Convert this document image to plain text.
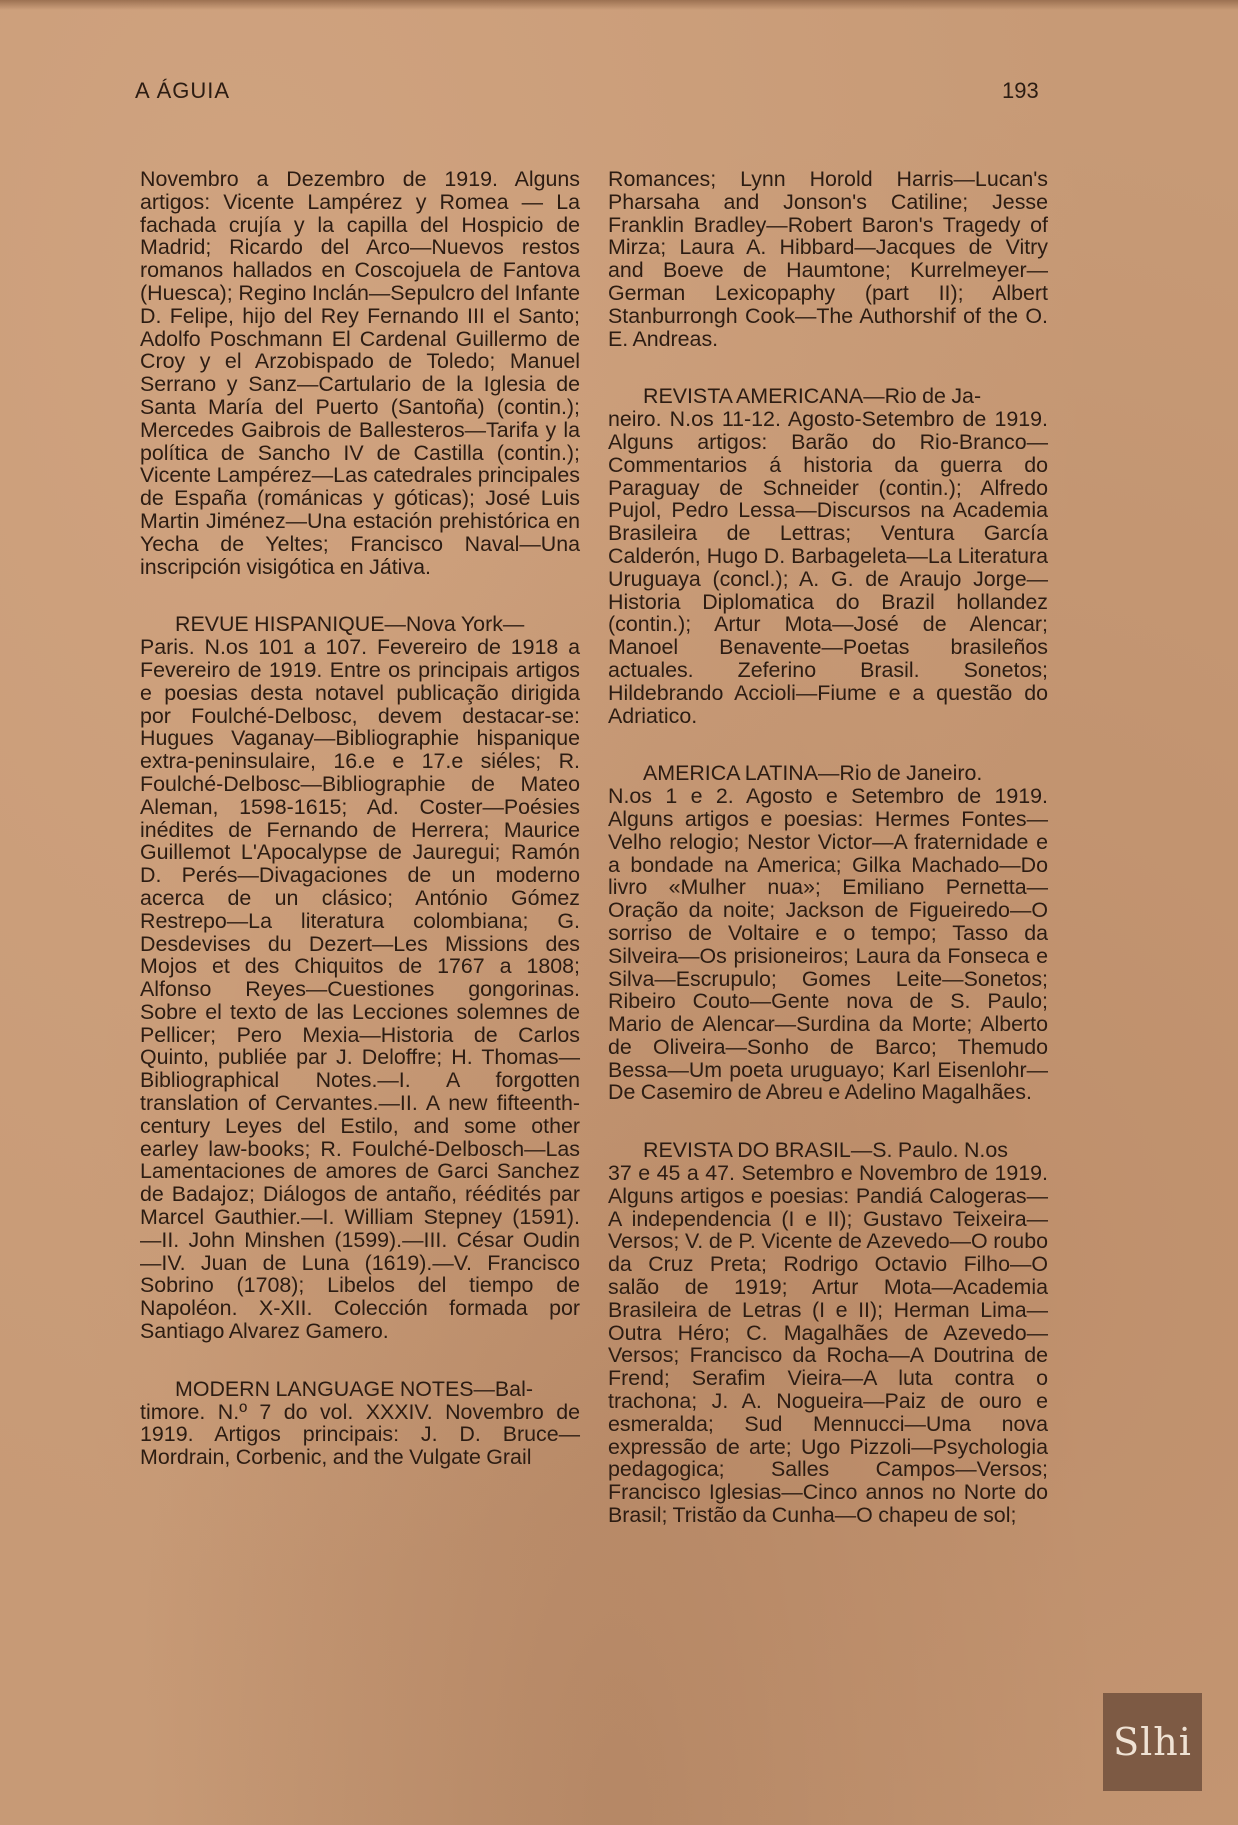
A ÁGUIA	193
Novembro a Dezembro de 1919. Alguns artigos: Vicente Lampérez y Romea — La fachada crujía y la capilla del Hospicio de Madrid; Ricardo del Arco—Nuevos restos romanos hallados en Coscojuela de Fantova (Huesca); Regino Inclán—Sepulcro del Infante D. Felipe, hijo del Rey Fernando III el Santo; Adolfo Poschmann El Cardenal Guillermo de Croy y el Arzobispado de Toledo; Manuel Serrano y Sanz—Cartulario de la Iglesia de Santa María del Puerto (Santoña) (contin.); Mercedes Gaibrois de Ballesteros—Tarifa y la política de Sancho IV de Castilla (contin.); Vicente Lampérez—Las catedrales principales de España (románicas y góticas); José Luis Martin Jiménez—Una estación prehistórica en Yecha de Yeltes; Francisco Naval—Una inscripción visigótica en Játiva.
REVUE HISPANIQUE—Nova York—
Paris. N.os 101 a 107. Fevereiro de 1918 a Fevereiro de 1919. Entre os principais artigos e poesias desta notavel publicação dirigida por Foulché-Delbosc, devem destacar-se: Hugues Vaganay—Bibliographie hispanique extra-peninsulaire, 16.e e 17.e siéles; R. Foulché-Delbosc—Bibliographie de Mateo Aleman, 1598-1615; Ad. Coster—Poésies inédites de Fernando de Herrera; Maurice Guillemot L'Apocalypse de Jauregui; Ramón D. Perés—Divagaciones de un moderno acerca de un clásico; António Gómez Restrepo—La literatura colombiana; G. Desdevises du Dezert—Les Missions des Mojos et des Chiquitos de 1767 a 1808; Alfonso Reyes—Cuestiones gongorinas. Sobre el texto de las Lecciones solemnes de Pellicer; Pero Mexia—Historia de Carlos Quinto, publiée par J. Deloffre; H. Thomas—Bibliographical Notes.—I. A forgotten translation of Cervantes.—II. A new fifteenth-century Leyes del Estilo, and some other earley law-books; R. Foulché-Delbosch—Las Lamentaciones de amores de Garci Sanchez de Badajoz; Diálogos de antaño, réédités par Marcel Gauthier.—I. William Stepney (1591).—II. John Minshen (1599).—III. César Oudin—IV. Juan de Luna (1619).—V. Francisco Sobrino (1708); Libelos del tiempo de Napoléon. X-XII. Colección formada por Santiago Alvarez Gamero.
MODERN LANGUAGE NOTES—Bal-
timore. N.º 7 do vol. XXXIV. Novembro de 1919. Artigos principais: J. D. Bruce—Mordrain, Corbenic, and the Vulgate Grail
Romances; Lynn Horold Harris—Lucan's Pharsaha and Jonson's Catiline; Jesse Franklin Bradley—Robert Baron's Tragedy of Mirza; Laura A. Hibbard—Jacques de Vitry and Boeve de Haumtone; Kurrelmeyer—German Lexicopaphy (part II); Albert Stanburrongh Cook—The Authorshif of the O. E. Andreas.
REVISTA AMERICANA—Rio de Ja-
neiro. N.os 11-12. Agosto-Setembro de 1919. Alguns artigos: Barão do Rio-Branco—Commentarios á historia da guerra do Paraguay de Schneider (contin.); Alfredo Pujol, Pedro Lessa—Discursos na Academia Brasileira de Lettras; Ventura García Calderón, Hugo D. Barbageleta—La Literatura Uruguaya (concl.); A. G. de Araujo Jorge—Historia Diplomatica do Brazil hollandez (contin.); Artur Mota—José de Alencar; Manoel Benavente—Poetas brasileños actuales. Zeferino Brasil. Sonetos; Hildebrando Accioli—Fiume e a questão do Adriatico.
AMERICA LATINA—Rio de Janeiro.
N.os 1 e 2. Agosto e Setembro de 1919. Alguns artigos e poesias: Hermes Fontes—Velho relogio; Nestor Victor—A fraternidade e a bondade na America; Gilka Machado—Do livro «Mulher nua»; Emiliano Pernetta—Oração da noite; Jackson de Figueiredo—O sorriso de Voltaire e o tempo; Tasso da Silveira—Os prisioneiros; Laura da Fonseca e Silva—Escrupulo; Gomes Leite—Sonetos; Ribeiro Couto—Gente nova de S. Paulo; Mario de Alencar—Surdina da Morte; Alberto de Oliveira—Sonho de Barco; Themudo Bessa—Um poeta uruguayo; Karl Eisenlohr—De Casemiro de Abreu e Adelino Magalhães.
REVISTA DO BRASIL—S. Paulo. N.os
37 e 45 a 47. Setembro e Novembro de 1919. Alguns artigos e poesias: Pandiá Calogeras—A independencia (I e II); Gustavo Teixeira—Versos; V. de P. Vicente de Azevedo—O roubo da Cruz Preta; Rodrigo Octavio Filho—O salão de 1919; Artur Mota—Academia Brasileira de Letras (I e II); Herman Lima—Outra Héro; C. Magalhães de Azevedo—Versos; Francisco da Rocha—A Doutrina de Frend; Serafim Vieira—A luta contra o trachona; J. A. Nogueira—Paiz de ouro e esmeralda; Sud Mennucci—Uma nova expressão de arte; Ugo Pizzoli—Psychologia pedagogica; Salles Campos—Versos; Francisco Iglesias—Cinco annos no Norte do Brasil; Tristão da Cunha—O chapeu de sol;
Slhi
